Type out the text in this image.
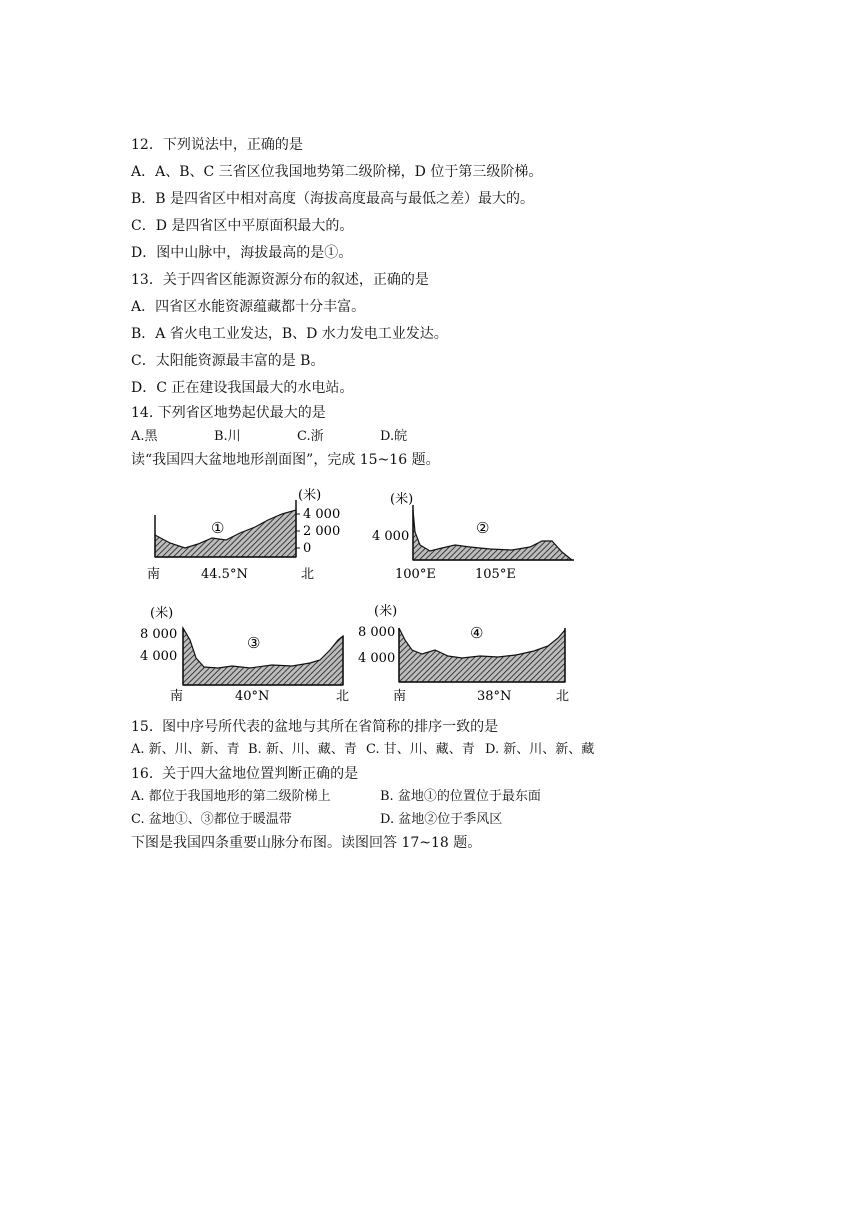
12．下列说法中，正确的是
A．A、B、C 三省区位我国地势第二级阶梯，D 位于第三级阶梯。
B．B 是四省区中相对高度（海拔高度最高与最低之差）最大的。
C．D 是四省区中平原面积最大的。
D．图中山脉中，海拔最高的是①。
13．关于四省区能源资源分布的叙述，正确的是
A．四省区水能资源蕴藏都十分丰富。
B．A 省火电工业发达，B、D 水力发电工业发达。
C．太阳能资源最丰富的是 B。
D．C 正在建设我国最大的水电站。
14. 下列省区地势起伏最大的是
A.黑	B.川	C.浙	D.皖
读“我国四大盆地地形剖面图”，完成 15~16 题。
(米)
4 000
2 000
0
①
南	44.5°N	北
(米)
4 000	②
100°E	105°E
(米)
8 000
4 000
③
南	40°N	北
(米)
8 000
4 000
④
南	38°N	北
15.  图中序号所代表的盆地与其所在省简称的排序一致的是
A. 新、川、新、青 B. 新、川、藏、青 C. 甘、川、藏、青 D. 新、川、新、藏
16.  关于四大盆地位置判断正确的是
A. 都位于我国地形的第二级阶梯上	B. 盆地①的位置位于最东面
C. 盆地①、③都位于暖温带	D. 盆地②位于季风区
下图是我国四条重要山脉分布图。读图回答 17~18 题。
